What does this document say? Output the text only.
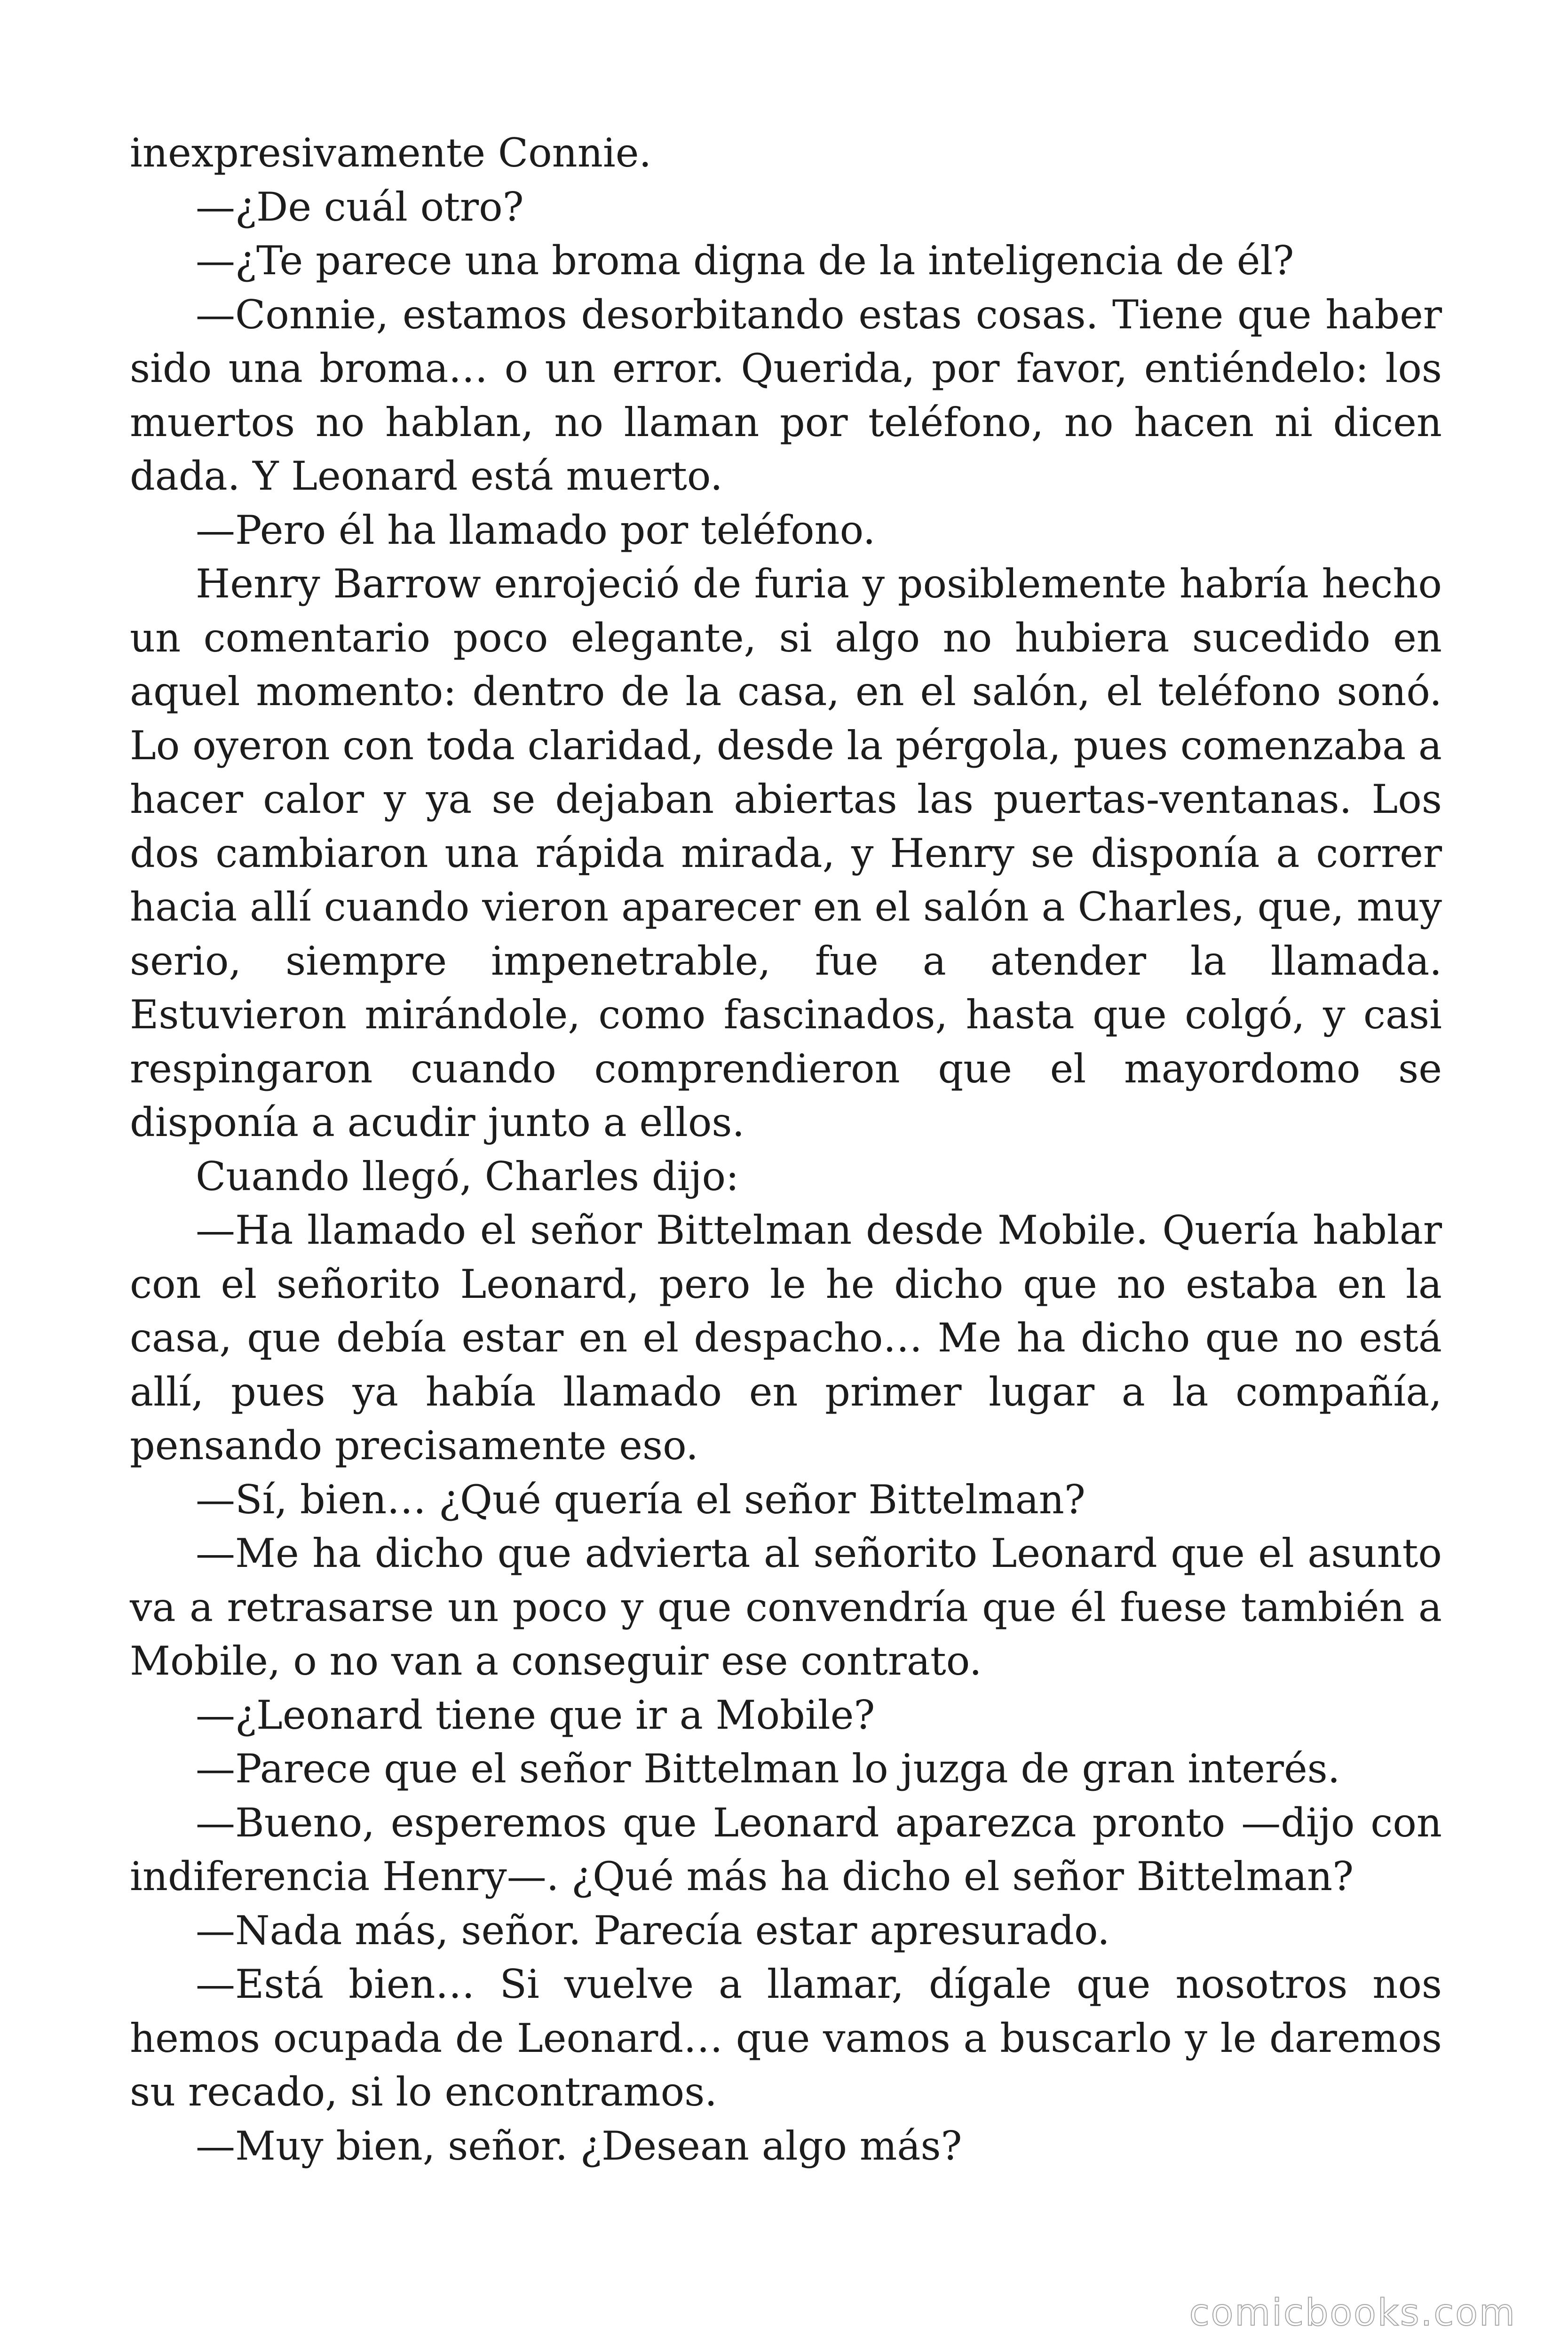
inexpresivamente Connie.

—¿De cuál otro?

—¿Te parece una broma digna de la inteligencia de él?

—Connie, estamos desorbitando estas cosas. Tiene que haber sido una broma… o un error. Querida, por favor, entiéndelo: los muertos no hablan, no llaman por teléfono, no hacen ni dicen dada. Y Leonard está muerto.

—Pero él ha llamado por teléfono.

Henry Barrow enrojeció de furia y posiblemente habría hecho un comentario poco elegante, si algo no hubiera sucedido en aquel momento: dentro de la casa, en el salón, el teléfono sonó. Lo oyeron con toda claridad, desde la pérgola, pues comenzaba a hacer calor y ya se dejaban abiertas las puertas-ventanas. Los dos cambiaron una rápida mirada, y Henry se disponía a correr hacia allí cuando vieron aparecer en el salón a Charles, que, muy serio, siempre impenetrable, fue a atender la llamada. Estuvieron mirándole, como fascinados, hasta que colgó, y casi respingaron cuando comprendieron que el mayordomo se disponía a acudir junto a ellos.

Cuando llegó, Charles dijo:

—Ha llamado el señor Bittelman desde Mobile. Quería hablar con el señorito Leonard, pero le he dicho que no estaba en la casa, que debía estar en el despacho… Me ha dicho que no está allí, pues ya había llamado en primer lugar a la compañía, pensando precisamente eso.

—Sí, bien… ¿Qué quería el señor Bittelman?

—Me ha dicho que advierta al señorito Leonard que el asunto va a retrasarse un poco y que convendría que él fuese también a Mobile, o no van a conseguir ese contrato.

—¿Leonard tiene que ir a Mobile?

—Parece que el señor Bittelman lo juzga de gran interés.

—Bueno, esperemos que Leonard aparezca pronto —dijo con indiferencia Henry—. ¿Qué más ha dicho el señor Bittelman?

—Nada más, señor. Parecía estar apresurado.

—Está bien… Si vuelve a llamar, dígale que nosotros nos hemos ocupada de Leonard… que vamos a buscarlo y le daremos su recado, si lo encontramos.

—Muy bien, señor. ¿Desean algo más?

comicbooks.com
